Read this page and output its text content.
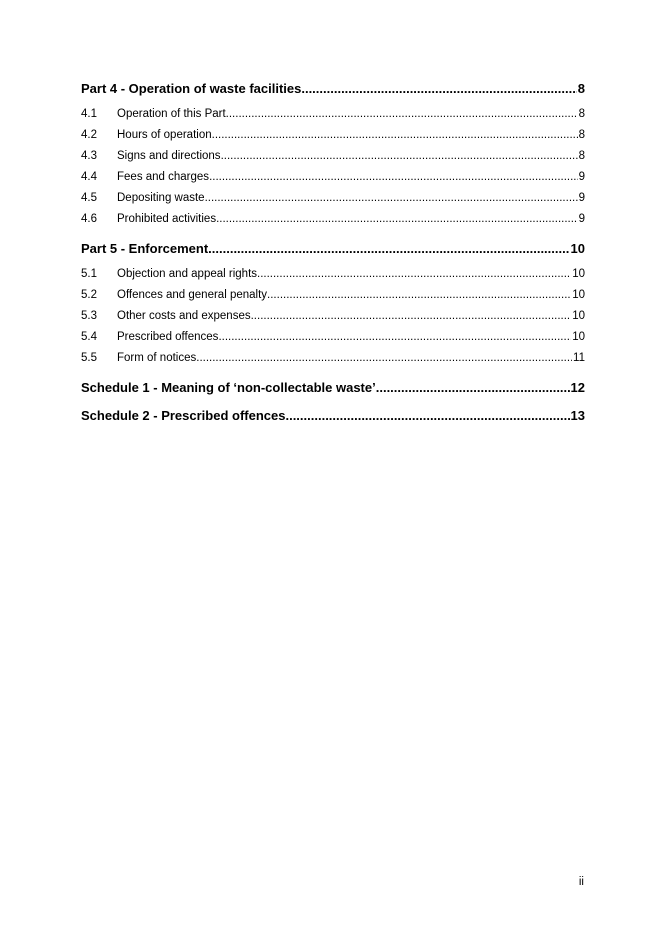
Part 4 - Operation of waste facilities .....	8
4.1	Operation of this Part .....	8
4.2	Hours of operation .....	8
4.3	Signs and directions .....	8
4.4	Fees and charges .....	9
4.5	Depositing waste .....	9
4.6	Prohibited activities .....	9
Part 5 - Enforcement .....	10
5.1	Objection and appeal rights .....	10
5.2	Offences and general penalty .....	10
5.3	Other costs and expenses .....	10
5.4	Prescribed offences .....	10
5.5	Form of notices .....	11
Schedule 1 - Meaning of ‘non-collectable waste’ .....	12
Schedule 2 - Prescribed offences .....	13
ii
